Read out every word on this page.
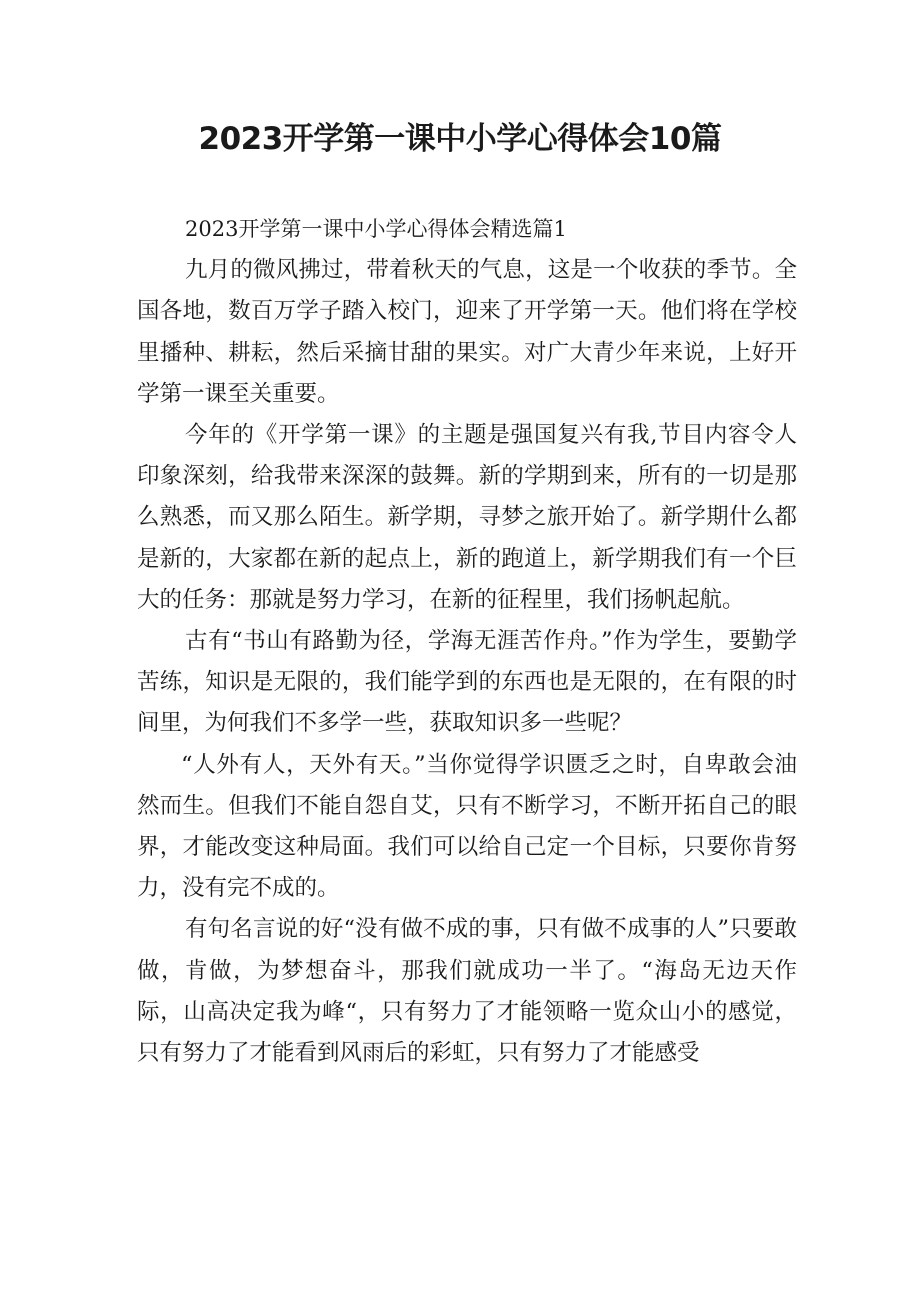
2023开学第一课中小学心得体会10篇

2023开学第一课中小学心得体会精选篇1

九月的微风拂过，带着秋天的气息，这是一个收获的季节。全国各地，数百万学子踏入校门，迎来了开学第一天。他们将在学校里播种、耕耘，然后采摘甘甜的果实。对广大青少年来说，上好开学第一课至关重要。

今年的《开学第一课》的主题是强国复兴有我,节目内容令人印象深刻，给我带来深深的鼓舞。新的学期到来，所有的一切是那么熟悉，而又那么陌生。新学期，寻梦之旅开始了。新学期什么都是新的，大家都在新的起点上，新的跑道上，新学期我们有一个巨大的任务：那就是努力学习，在新的征程里，我们扬帆起航。

古有“书山有路勤为径，学海无涯苦作舟。”作为学生，要勤学苦练，知识是无限的，我们能学到的东西也是无限的，在有限的时间里，为何我们不多学一些，获取知识多一些呢？

“人外有人，天外有天。”当你觉得学识匮乏之时，自卑敢会油然而生。但我们不能自怨自艾，只有不断学习，不断开拓自己的眼界，才能改变这种局面。我们可以给自己定一个目标，只要你肯努力，没有完不成的。

有句名言说的好“没有做不成的事，只有做不成事的人”只要敢做，肯做，为梦想奋斗，那我们就成功一半了。“海岛无边天作际，山高决定我为峰“，只有努力了才能领略一览众山小的感觉，只有努力了才能看到风雨后的彩虹，只有努力了才能感受
